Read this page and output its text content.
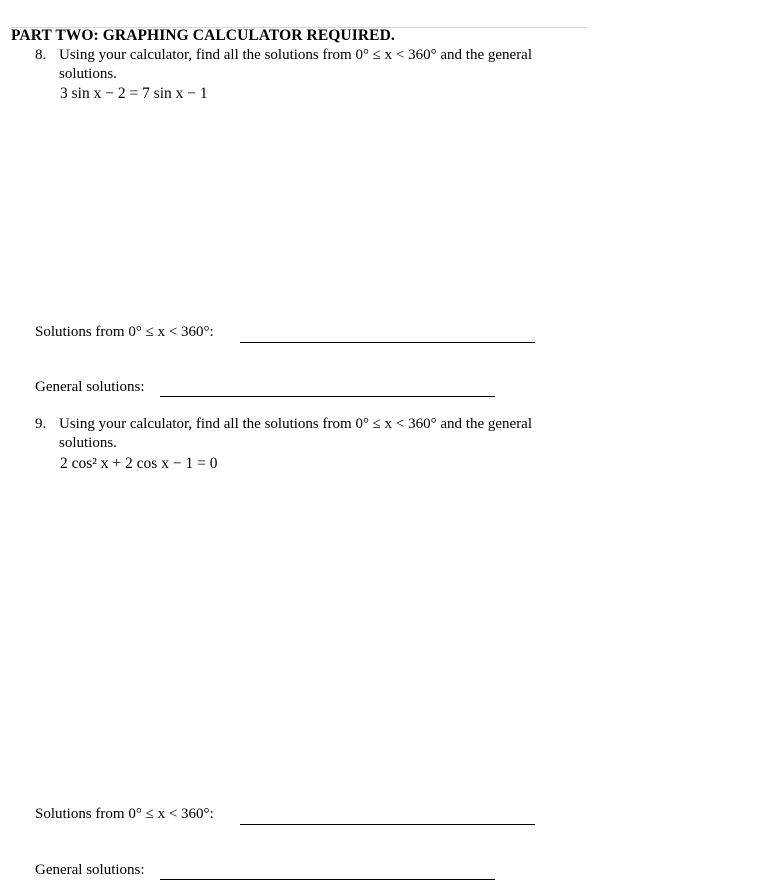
PART TWO: GRAPHING CALCULATOR REQUIRED.
8. Using your calculator, find all the solutions from 0° ≤ x < 360° and the general
solutions.
3 sin x − 2 = 7 sin x − 1
Solutions from 0° ≤ x < 360°:
General solutions:
9. Using your calculator, find all the solutions from 0° ≤ x < 360° and the general
solutions.
2 cos² x + 2 cos x − 1 = 0
Solutions from 0° ≤ x < 360°:
General solutions:
